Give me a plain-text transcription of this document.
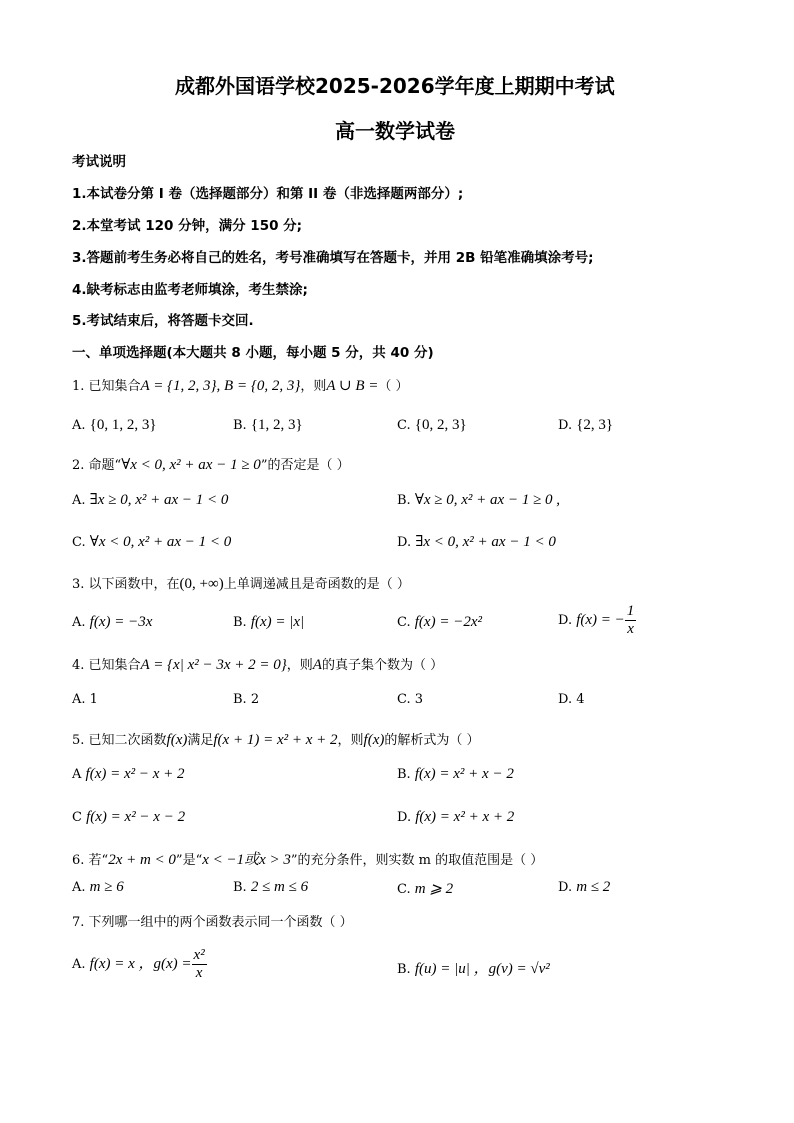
成都外国语学校2025-2026学年度上期期中考试
高一数学试卷
考试说明
1.本试卷分第 I 卷（选择题部分）和第 II 卷（非选择题两部分）;
2.本堂考试 120 分钟，满分 150 分;
3.答题前考生务必将自己的姓名，考号准确填写在答题卡，并用 2B 铅笔准确填涂考号;
4.缺考标志由监考老师填涂，考生禁涂;
5.考试结束后，将答题卡交回.
一、单项选择题(本大题共 8 小题，每小题 5 分，共 40 分)
1. 已知集合A = {1, 2, 3}, B = {0, 2, 3}，则A ∪ B =（ ）
A. {0, 1, 2, 3}	B. {1, 2, 3}	C. {0, 2, 3}	D. {2, 3}
2. 命题“∀x < 0, x² + ax − 1 ≥ 0”的否定是（ ）
A. ∃x ≥ 0, x² + ax − 1 < 0	B. ∀x ≥ 0, x² + ax − 1 ≥ 0 ,
C. ∀x < 0, x² + ax − 1 < 0	D. ∃x < 0, x² + ax − 1 < 0
3. 以下函数中，在(0, +∞)上单调递减且是奇函数的是（ ）
A. f(x) = −3x	B. f(x) = |x|	C. f(x) = −2x²	D. f(x) = − $\frac{1}{x}$
4. 已知集合A = {x| x² − 3x + 2 = 0}，则A的真子集个数为（ ）
A. 1	B. 2	C. 3	D. 4
5. 已知二次函数f(x)满足f(x + 1) = x² + x + 2，则f(x)的解析式为（ ）
A f(x) = x² − x + 2	B. f(x) = x² + x − 2
C f(x) = x² − x − 2	D. f(x) = x² + x + 2
6. 若“2x + m < 0”是“x < −1或x > 3”的充分条件，则实数 m 的取值范围是（ ）
A. m ≥ 6	B. 2 ≤ m ≤ 6	C. m ⩾ 2	D. m ≤ 2
7. 下列哪一组中的两个函数表示同一个函数（ ）
A. f(x) = x ，$g(x) = \frac{\text{x²}}{x}$	B. f(u) = |u| ，g(v) = √v²
